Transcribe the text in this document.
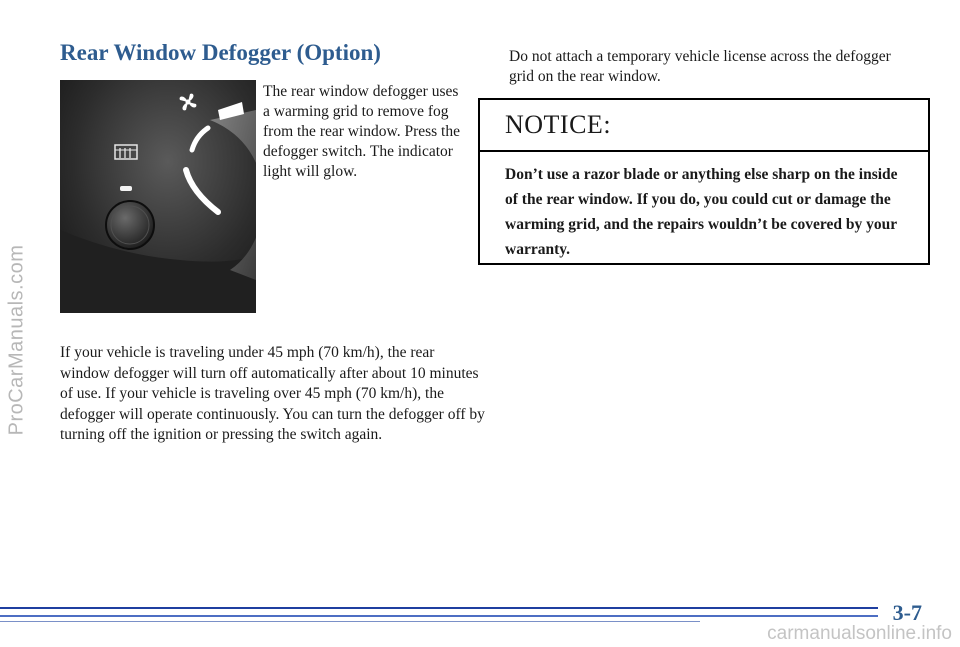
ProCarManuals.com
Rear Window Defogger (Option)

The rear window defogger uses a warming grid to remove fog from the rear window. Press the defogger switch. The indicator light will glow.

If your vehicle is traveling under 45 mph (70 km/h), the rear window defogger will turn off automatically after about 10 minutes of use. If your vehicle is traveling over 45 mph (70 km/h), the defogger will operate continuously. You can turn the defogger off by turning off the ignition or pressing the switch again.

Do not attach a temporary vehicle license across the defogger grid on the rear window.

NOTICE:

Don’t use a razor blade or anything else sharp on the inside of the rear window. If you do, you could cut or damage the warming grid, and the repairs wouldn’t be covered by your warranty.

3-7
carmanualsonline.info
